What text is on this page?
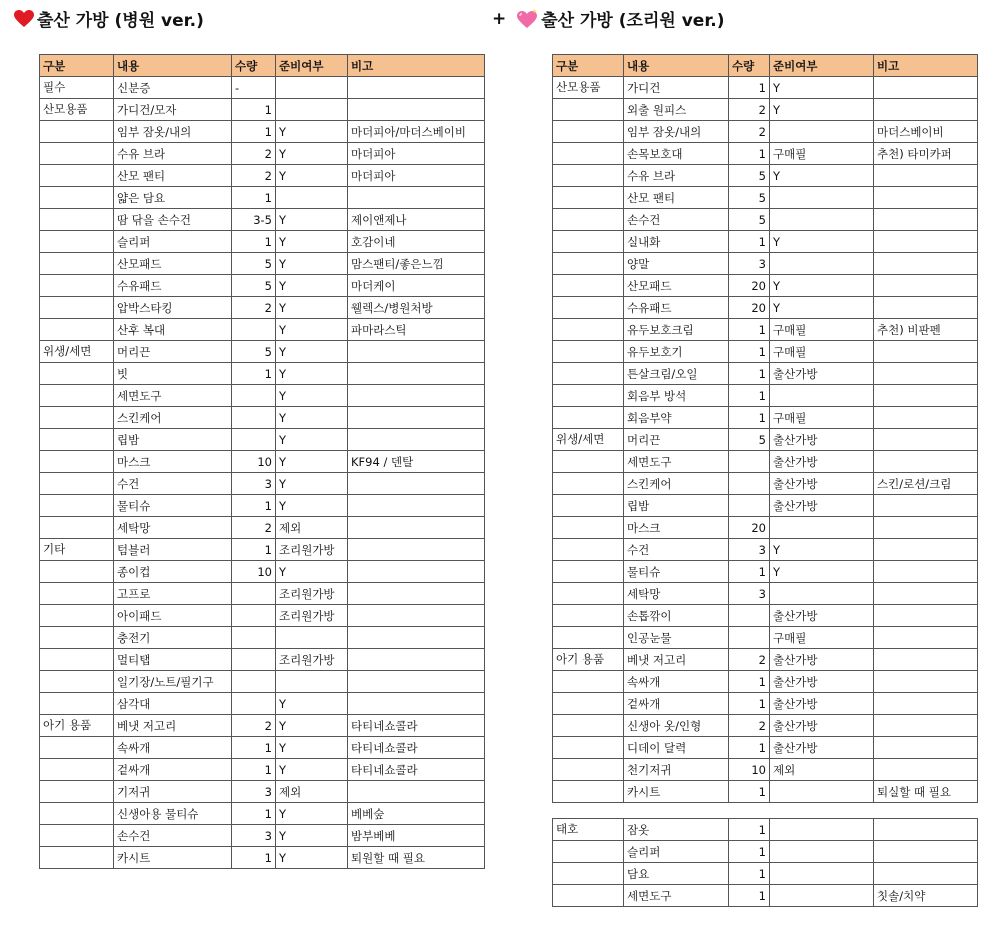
출산 가방 (병원 ver.)	+ 출산 가방 (조리원 ver.)
구분	내용	수량	준비여부	비고
필수	신분증	-		
산모용품	가디건/모자	1		
	임부 잠옷/내의	1	Y	마더피아/마더스베이비
	수유 브라	2	Y	마더피아
	산모 팬티	2	Y	마더피아
	얇은 담요	1		
	땀 닦을 손수건	3-5	Y	제이앤제나
	슬리퍼	1	Y	호감이네
	산모패드	5	Y	맘스팬티/좋은느낌
	수유패드	5	Y	마더케이
	압박스타킹	2	Y	웰렉스/병원처방
	산후 복대		Y	파마라스틱
위생/세면	머리끈	5	Y	
	빗	1	Y	
	세면도구		Y	
	스킨케어		Y	
	립밤		Y	
	마스크	10	Y	KF94 / 덴탈
	수건	3	Y	
	물티슈	1	Y	
	세탁망	2	제외	
기타	텀블러	1	조리원가방	
	종이컵	10	Y	
	고프로		조리원가방	
	아이패드		조리원가방	
	충전기			
	멀티탭		조리원가방	
	일기장/노트/필기구			
	삼각대		Y	
아기 용품	베냇 저고리	2	Y	타티네쇼콜라
	속싸개	1	Y	타티네쇼콜라
	겉싸개	1	Y	타티네쇼콜라
	기저귀	3	제외	
	신생아용 물티슈	1	Y	베베숲
	손수건	3	Y	밤부베베
	카시트	1	Y	퇴원할 때 필요
구분	내용	수량	준비여부	비고
산모용품	가디건	1	Y	
	외출 원피스	2	Y	
	임부 잠옷/내의	2		마더스베이비
	손목보호대	1	구매필	추천) 타미카퍼
	수유 브라	5	Y	
	산모 팬티	5		
	손수건	5		
	실내화	1	Y	
	양말	3		
	산모패드	20	Y	
	수유패드	20	Y	
	유두보호크림	1	구매필	추천) 비판펜
	유두보호기	1	구매필	
	튼살크림/오일	1	출산가방	
	회음부 방석	1		
	회음부약	1	구매필	
위생/세면	머리끈	5	출산가방	
	세면도구		출산가방	
	스킨케어		출산가방	스킨/로션/크림
	립밤		출산가방	
	마스크	20		
	수건	3	Y	
	물티슈	1	Y	
	세탁망	3		
	손톱깎이		출산가방	
	인공눈물		구매필	
아기 용품	베냇 저고리	2	출산가방	
	속싸개	1	출산가방	
	겉싸개	1	출산가방	
	신생아 옷/인형	2	출산가방	
	디데이 달력	1	출산가방	
	천기저귀	10	제외	
	카시트	1		퇴실할 때 필요
태호	잠옷	1		
	슬리퍼	1		
	담요	1		
	세면도구	1		칫솔/치약
